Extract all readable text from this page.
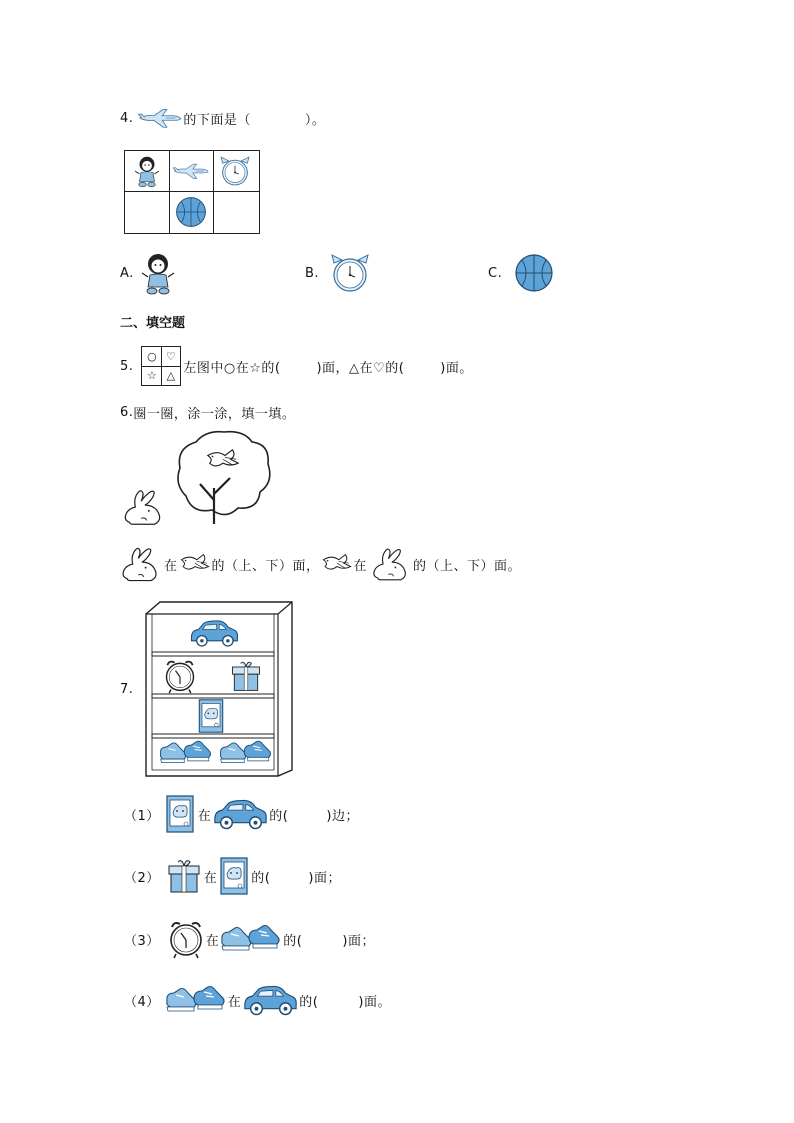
4.	的下面是（　　　　）。
A.	B.	C.
二、填空题
5.
○ ♡
☆ △ 左图中○在☆的(	)面，△在♡的(	)面。
6. 圈一圈，涂一涂，填一填。
在	的（上、下）面，	在	的（上、下）面。
7.
（1）	在	的(	)边；
（2）	在	的(	)面；
（3）	在	的(	)面；
（4）	在	的(	)面。
